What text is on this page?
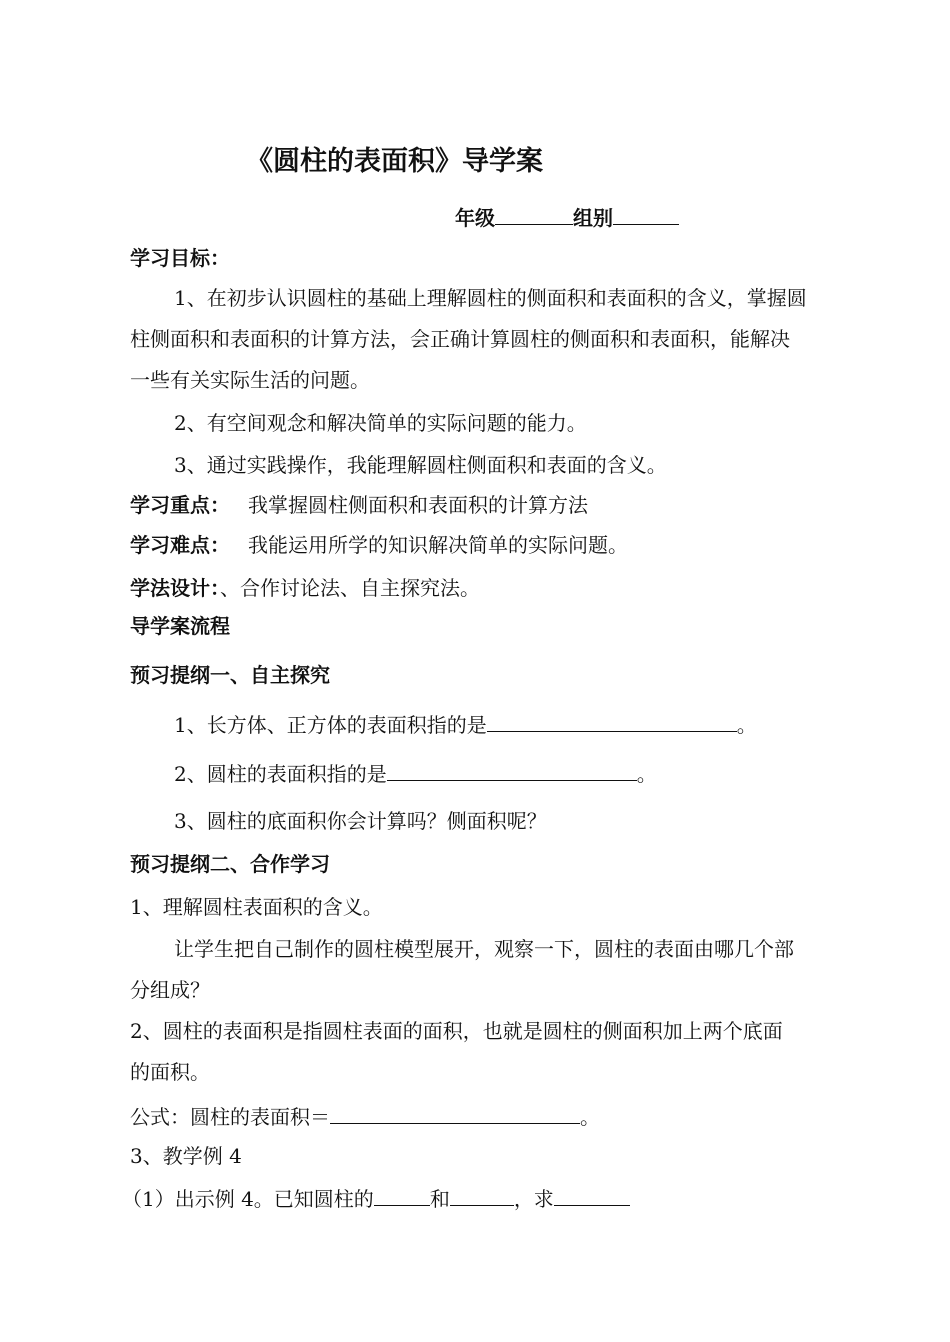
《圆柱的表面积》导学案
年级	组别
学习目标：
1、在初步认识圆柱的基础上理解圆柱的侧面积和表面积的含义，掌握圆
柱侧面积和表面积的计算方法，会正确计算圆柱的侧面积和表面积，能解决
一些有关实际生活的问题。
2、有空间观念和解决简单的实际问题的能力。
3、通过实践操作，我能理解圆柱侧面积和表面的含义。
学习重点： 我掌握圆柱侧面积和表面积的计算方法
学习难点： 我能运用所学的知识解决简单的实际问题。
学法设计：、合作讨论法、自主探究法。
导学案流程
预习提纲一、自主探究
1、长方体、正方体的表面积指的是	。
2、圆柱的表面积指的是	。
3、圆柱的底面积你会计算吗？侧面积呢？
预习提纲二、合作学习
1、理解圆柱表面积的含义。
让学生把自己制作的圆柱模型展开，观察一下，圆柱的表面由哪几个部
分组成？
2、圆柱的表面积是指圆柱表面的面积，也就是圆柱的侧面积加上两个底面
的面积。
公式：圆柱的表面积＝	。
3、教学例 4
（1）出示例 4。已知圆柱的	和	，求
